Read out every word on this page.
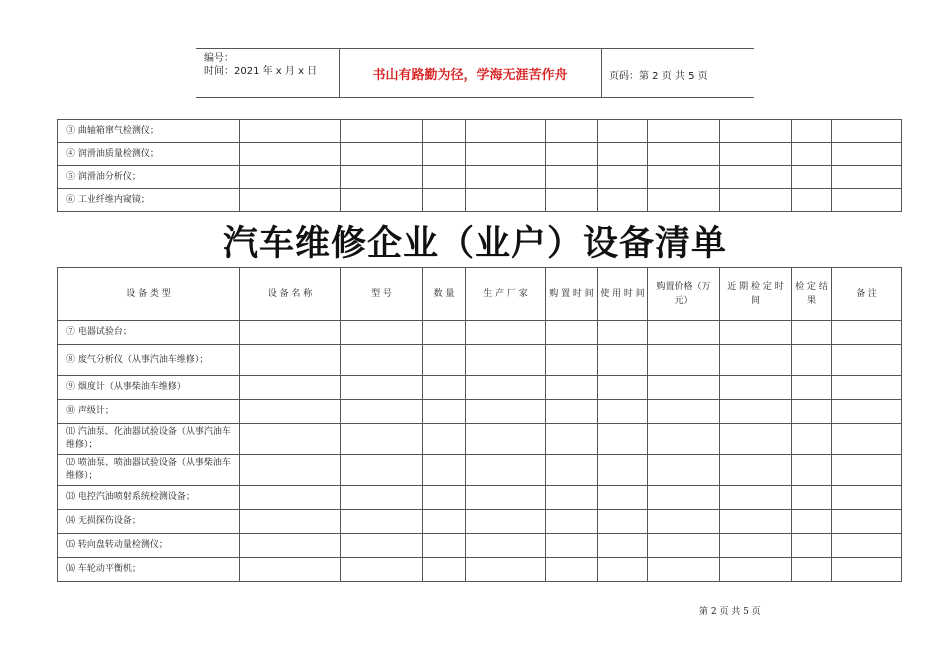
编号：
时间：2021 年 x 月 x 日	书山有路勤为径，学海无涯苦作舟	页码：第 2 页 共 5 页
③ 曲轴箱窜气检测仪；										
④ 润滑油质量检测仪；										
⑤ 润滑油分析仪；										
⑥ 工业纤维内窥镜；										
汽车维修企业（业户）设备清单
设 备 类 型	设 备 名 称	型 号	数 量	生 产 厂 家	购 置 时 间	使 用 时 间	购置价格（万元）	近 期 检 定 时 间	检 定 结 果	备 注
⑦ 电器试验台；										
⑧ 废气分析仪（从事汽油车维修）；										
⑨ 烟度计（从事柴油车维修）										
⑩ 声级计；										
⑾ 汽油泵、化油器试验设备（从事汽油车维修）；										
⑿ 喷油泵、喷油器试验设备（从事柴油车维修）；										
⒀ 电控汽油喷射系统检测设备；										
⒁ 无损探伤设备；										
⒂ 转向盘转动量检测仪；										
⒃ 车轮动平衡机；										
第 2 页 共 5 页
